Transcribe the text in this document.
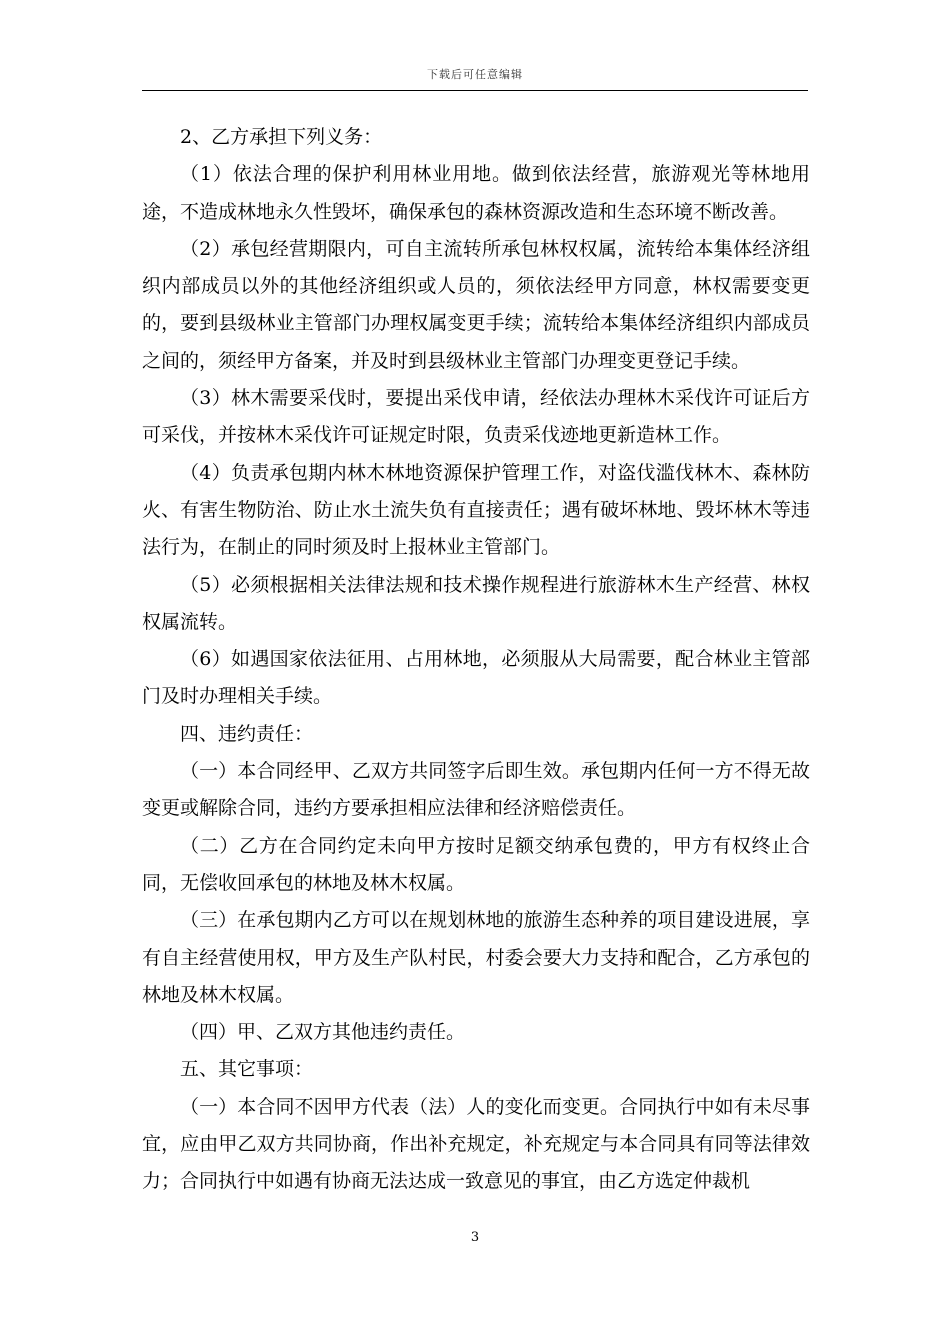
下载后可任意编辑

2、乙方承担下列义务：

（1）依法合理的保护利用林业用地。做到依法经营，旅游观光等林地用途，不造成林地永久性毁坏，确保承包的森林资源改造和生态环境不断改善。

（2）承包经营期限内，可自主流转所承包林权权属，流转给本集体经济组织内部成员以外的其他经济组织或人员的，须依法经甲方同意，林权需要变更的，要到县级林业主管部门办理权属变更手续；流转给本集体经济组织内部成员之间的，须经甲方备案，并及时到县级林业主管部门办理变更登记手续。

（3）林木需要采伐时，要提出采伐申请，经依法办理林木采伐许可证后方可采伐，并按林木采伐许可证规定时限，负责采伐迹地更新造林工作。

（4）负责承包期内林木林地资源保护管理工作，对盗伐滥伐林木、森林防火、有害生物防治、防止水土流失负有直接责任；遇有破坏林地、毁坏林木等违法行为，在制止的同时须及时上报林业主管部门。

（5）必须根据相关法律法规和技术操作规程进行旅游林木生产经营、林权权属流转。

（6）如遇国家依法征用、占用林地，必须服从大局需要，配合林业主管部门及时办理相关手续。

四、违约责任：

（一）本合同经甲、乙双方共同签字后即生效。承包期内任何一方不得无故变更或解除合同，违约方要承担相应法律和经济赔偿责任。

（二）乙方在合同约定未向甲方按时足额交纳承包费的，甲方有权终止合同，无偿收回承包的林地及林木权属。

（三）在承包期内乙方可以在规划林地的旅游生态种养的项目建设进展，享有自主经营使用权，甲方及生产队村民，村委会要大力支持和配合，乙方承包的林地及林木权属。

（四）甲、乙双方其他违约责任。

五、其它事项：

（一）本合同不因甲方代表（法）人的变化而变更。合同执行中如有未尽事宜，应由甲乙双方共同协商，作出补充规定，补充规定与本合同具有同等法律效力；合同执行中如遇有协商无法达成一致意见的事宜，由乙方选定仲裁机

3
